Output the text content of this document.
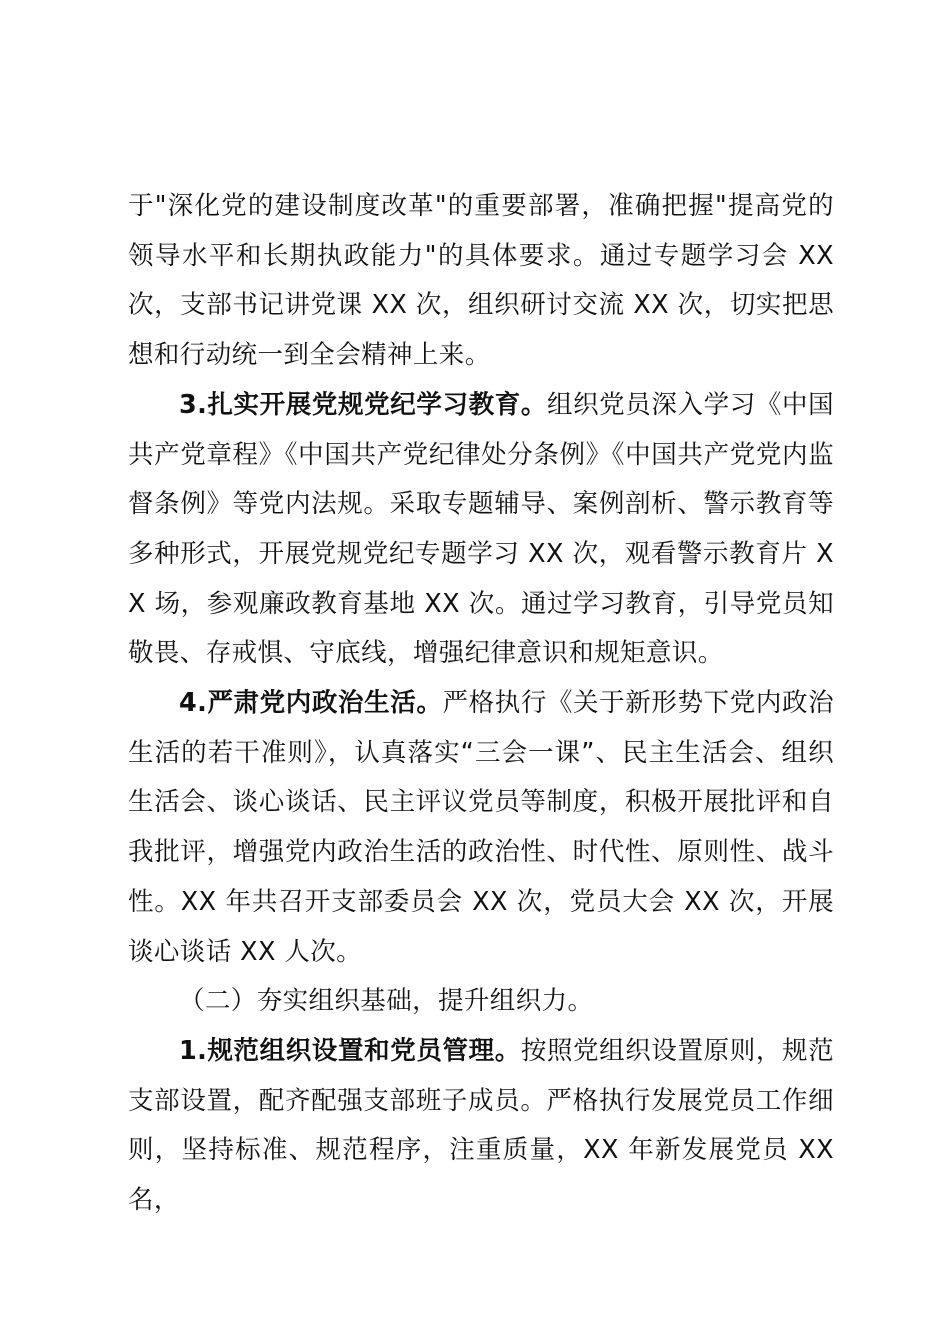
于"深化党的建设制度改革"的重要部署，准确把握"提高党的领导水平和长期执政能力"的具体要求。通过专题学习会 XX 次，支部书记讲党课 XX 次，组织研讨交流 XX 次，切实把思想和行动统一到全会精神上来。

3.扎实开展党规党纪学习教育。组织党员深入学习《中国共产党章程》《中国共产党纪律处分条例》《中国共产党党内监督条例》等党内法规。采取专题辅导、案例剖析、警示教育等多种形式，开展党规党纪专题学习 XX 次，观看警示教育片 XX 场，参观廉政教育基地 XX 次。通过学习教育，引导党员知敬畏、存戒惧、守底线，增强纪律意识和规矩意识。

4.严肃党内政治生活。严格执行《关于新形势下党内政治生活的若干准则》，认真落实“三会一课”、民主生活会、组织生活会、谈心谈话、民主评议党员等制度，积极开展批评和自我批评，增强党内政治生活的政治性、时代性、原则性、战斗性。XX 年共召开支部委员会 XX 次，党员大会 XX 次，开展谈心谈话 XX 人次。

（二）夯实组织基础，提升组织力。

1.规范组织设置和党员管理。按照党组织设置原则，规范支部设置，配齐配强支部班子成员。严格执行发展党员工作细则，坚持标准、规范程序，注重质量，XX 年新发展党员 XX 名，
